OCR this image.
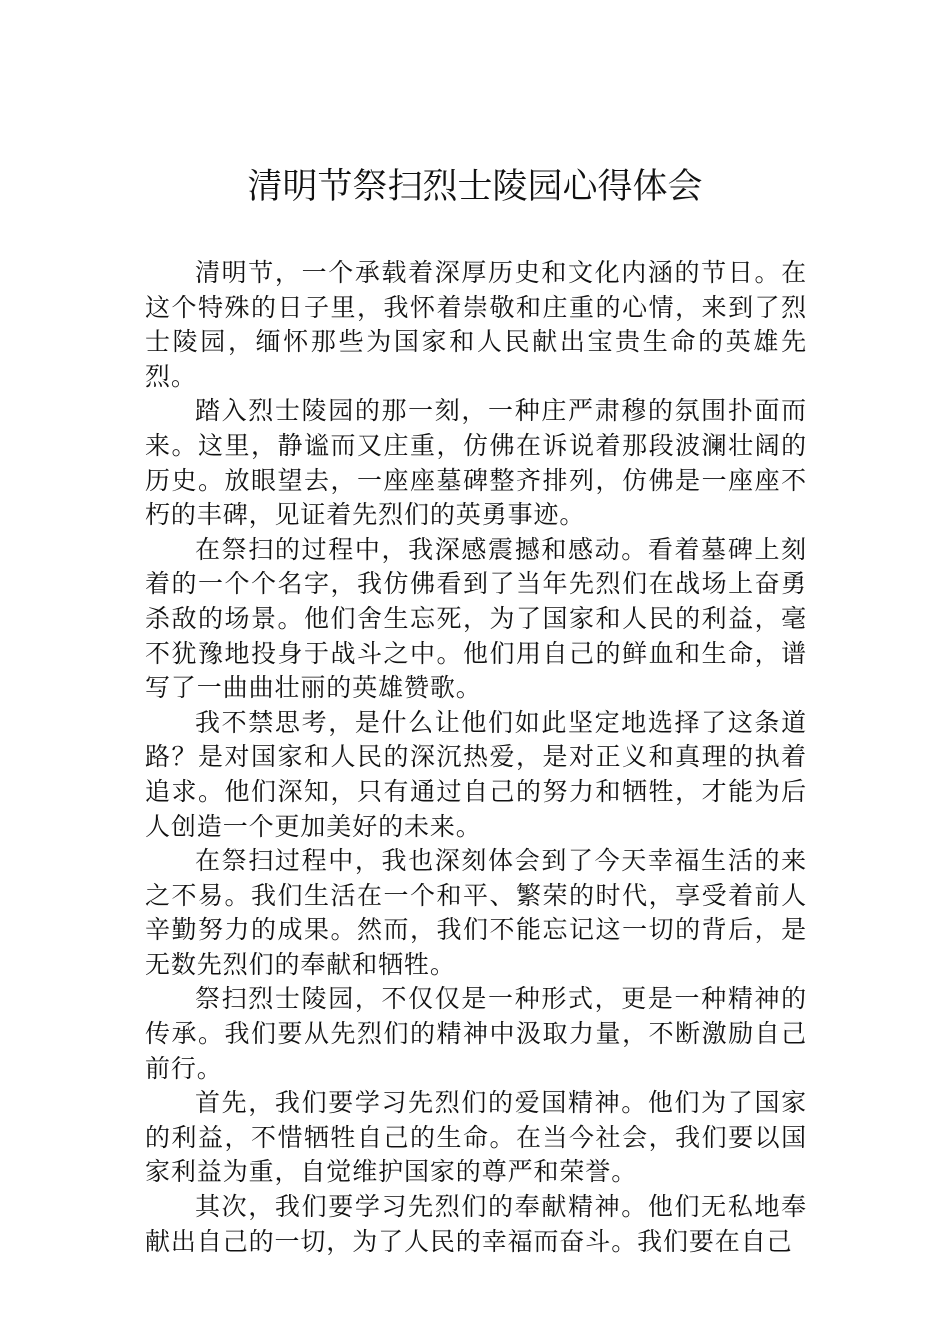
清明节祭扫烈士陵园心得体会

清明节，一个承载着深厚历史和文化内涵的节日。在这个特殊的日子里，我怀着崇敬和庄重的心情，来到了烈士陵园，缅怀那些为国家和人民献出宝贵生命的英雄先烈。

踏入烈士陵园的那一刻，一种庄严肃穆的氛围扑面而来。这里，静谧而又庄重，仿佛在诉说着那段波澜壮阔的历史。放眼望去，一座座墓碑整齐排列，仿佛是一座座不朽的丰碑，见证着先烈们的英勇事迹。

在祭扫的过程中，我深感震撼和感动。看着墓碑上刻着的一个个名字，我仿佛看到了当年先烈们在战场上奋勇杀敌的场景。他们舍生忘死，为了国家和人民的利益，毫不犹豫地投身于战斗之中。他们用自己的鲜血和生命，谱写了一曲曲壮丽的英雄赞歌。

我不禁思考，是什么让他们如此坚定地选择了这条道路？是对国家和人民的深沉热爱，是对正义和真理的执着追求。他们深知，只有通过自己的努力和牺牲，才能为后人创造一个更加美好的未来。

在祭扫过程中，我也深刻体会到了今天幸福生活的来之不易。我们生活在一个和平、繁荣的时代，享受着前人辛勤努力的成果。然而，我们不能忘记这一切的背后，是无数先烈们的奉献和牺牲。

祭扫烈士陵园，不仅仅是一种形式，更是一种精神的传承。我们要从先烈们的精神中汲取力量，不断激励自己前行。

首先，我们要学习先烈们的爱国精神。他们为了国家的利益，不惜牺牲自己的生命。在当今社会，我们要以国家利益为重，自觉维护国家的尊严和荣誉。

其次，我们要学习先烈们的奉献精神。他们无私地奉献出自己的一切，为了人民的幸福而奋斗。我们要在自己
